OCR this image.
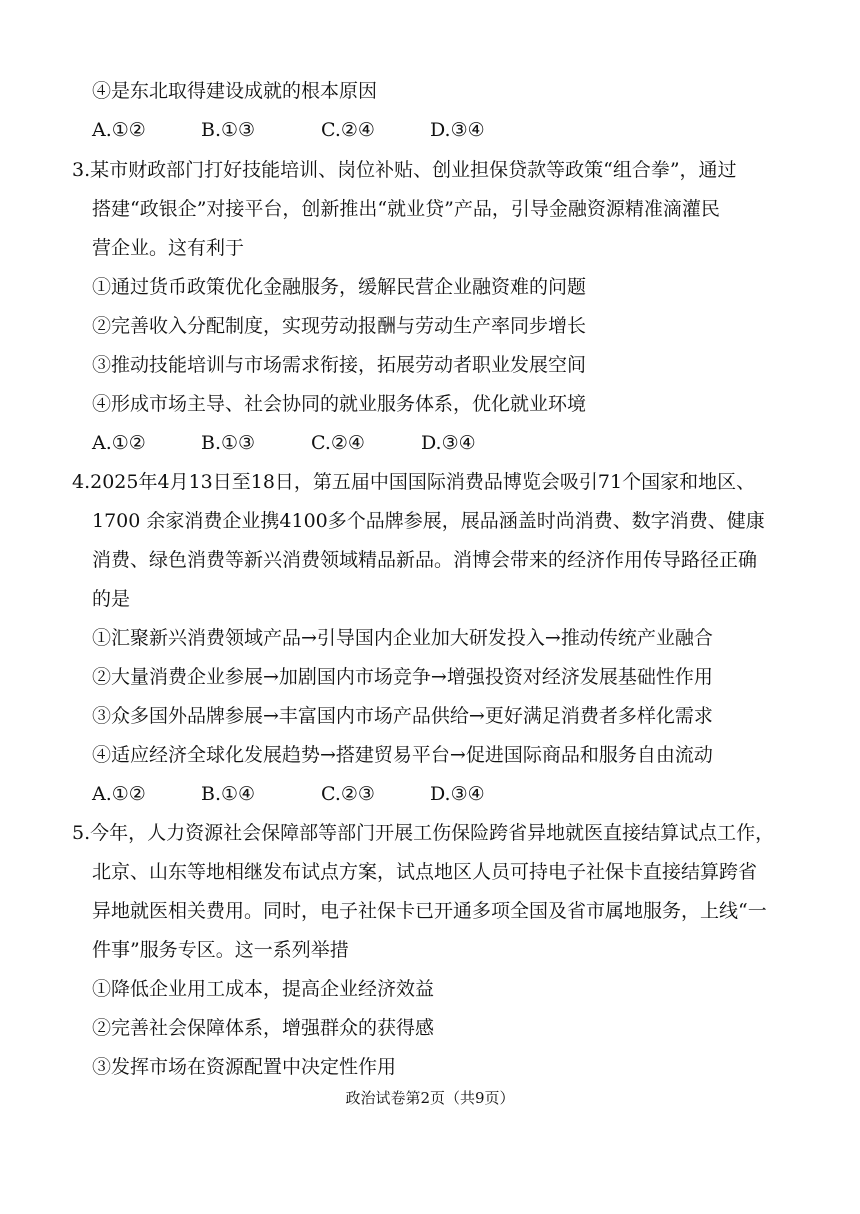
④是东北取得建设成就的根本原因
A.①②	B.①③	C.②④	D.③④
3.某市财政部门打好技能培训、岗位补贴、创业担保贷款等政策“组合拳”，通过
搭建“政银企”对接平台，创新推出“就业贷”产品，引导金融资源精准滴灌民
营企业。这有利于
①通过货币政策优化金融服务，缓解民营企业融资难的问题
②完善收入分配制度，实现劳动报酬与劳动生产率同步增长
③推动技能培训与市场需求衔接，拓展劳动者职业发展空间
④形成市场主导、社会协同的就业服务体系，优化就业环境
A.①②	B.①③	C.②④	D.③④
4.2025年4月13日至18日，第五届中国国际消费品博览会吸引71个国家和地区、
1700 余家消费企业携4100多个品牌参展，展品涵盖时尚消费、数字消费、健康
消费、绿色消费等新兴消费领域精品新品。消博会带来的经济作用传导路径正确
的是
①汇聚新兴消费领域产品→引导国内企业加大研发投入→推动传统产业融合
②大量消费企业参展→加剧国内市场竞争→增强投资对经济发展基础性作用
③众多国外品牌参展→丰富国内市场产品供给→更好满足消费者多样化需求
④适应经济全球化发展趋势→搭建贸易平台→促进国际商品和服务自由流动
A.①②	B.①④	C.②③	D.③④
5.今年，人力资源社会保障部等部门开展工伤保险跨省异地就医直接结算试点工作，
北京、山东等地相继发布试点方案，试点地区人员可持电子社保卡直接结算跨省
异地就医相关费用。同时，电子社保卡已开通多项全国及省市属地服务，上线“一
件事”服务专区。这一系列举措
①降低企业用工成本，提高企业经济效益
②完善社会保障体系，增强群众的获得感
③发挥市场在资源配置中决定性作用
政治试卷第2页（共9页）
